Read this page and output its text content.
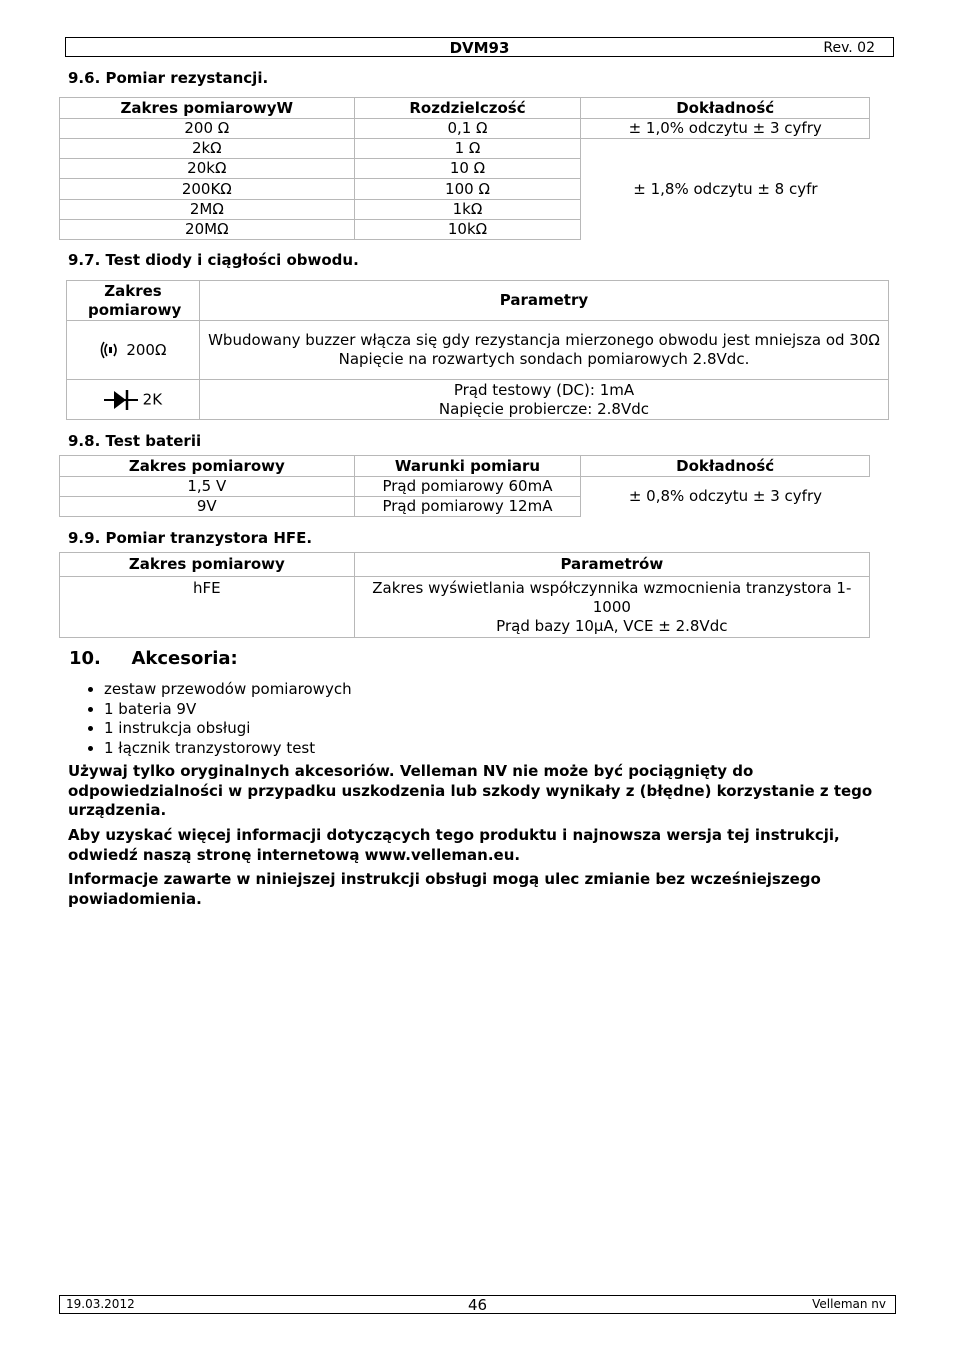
DVM93	Rev. 02
9.6. Pomiar rezystancji.
Zakres pomiarowyW	Rozdzielczość	Dokładność
200 Ω	0,1 Ω	± 1,0% odczytu ± 3 cyfry
2kΩ	1 Ω	± 1,8% odczytu ± 8 cyfr
20kΩ	10 Ω	
200KΩ	100 Ω	
2MΩ	1kΩ	
20MΩ	10kΩ	
9.7. Test diody i ciągłości obwodu.
Zakres pomiarowy	Parametry
200Ω	Wbudowany buzzer włącza się gdy rezystancja mierzonego obwodu jest mniejsza od 30Ω
Napięcie na rozwartych sondach pomiarowych 2.8Vdc.

2K	Prąd testowy (DC): 1mA
Napięcie probiercze: 2.8Vdc
9.8. Test baterii
Zakres pomiarowy	Warunki pomiaru	Dokładność
1,5 V	Prąd pomiarowy 60mA	± 0,8% odczytu ± 3 cyfry
9V	Prąd pomiarowy 12mA	
9.9. Pomiar tranzystora HFE.
Zakres pomiarowy	Parametrów
hFE	Zakres wyświetlania współczynnika wzmocnienia tranzystora 1-1000
Prąd bazy 10µA, VCE ± 2.8Vdc
10. Akcesoria:
• zestaw przewodów pomiarowych
• 1 bateria 9V
• 1 instrukcja obsługi
• 1 łącznik tranzystorowy test
Używaj tylko oryginalnych akcesoriów. Velleman NV nie może być pociągnięty do odpowiedzialności w przypadku uszkodzenia lub szkody wynikały z (błędne) korzystanie z tego urządzenia.
Aby uzyskać więcej informacji dotyczących tego produktu i najnowsza wersja tej instrukcji, odwiedź naszą stronę internetową www.velleman.eu.
Informacje zawarte w niniejszej instrukcji obsługi mogą ulec zmianie bez wcześniejszego powiadomienia.
19.03.2012	46	Velleman nv
